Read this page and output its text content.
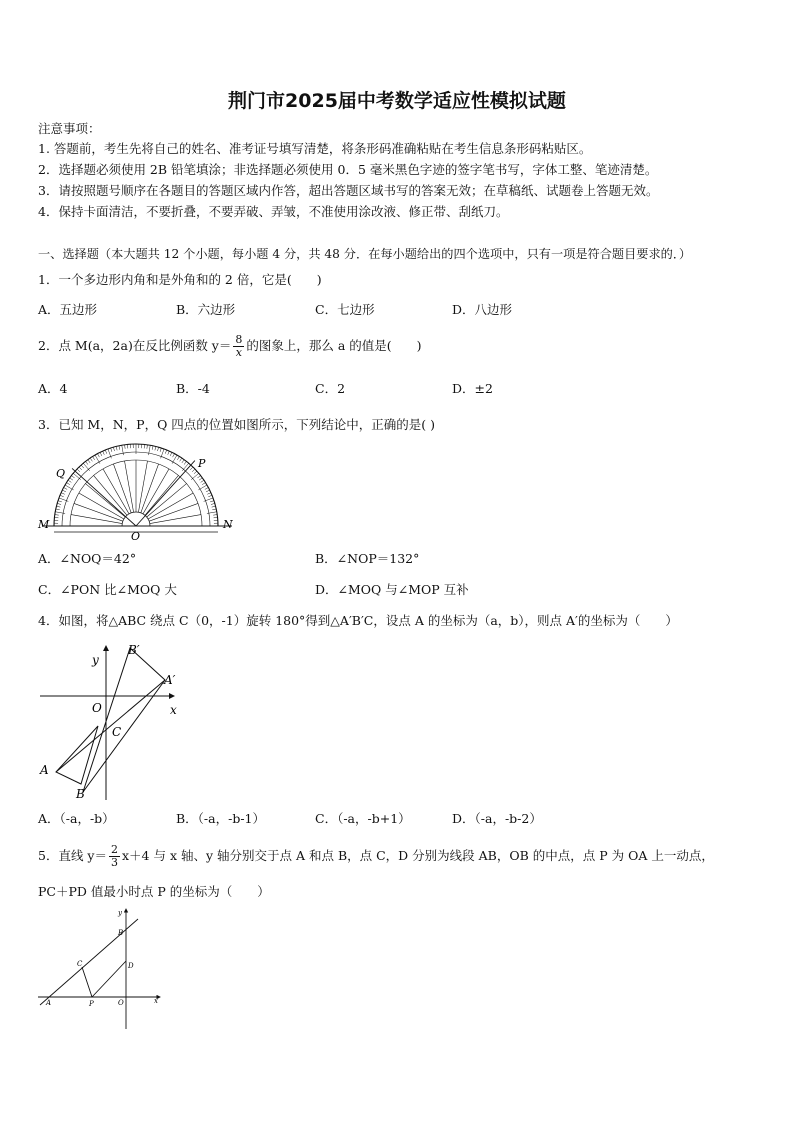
荆门市2025届中考数学适应性模拟试题
注意事项：
1. 答题前，考生先将自己的姓名、准考证号填写清楚，将条形码准确粘贴在考生信息条形码粘贴区。
2．选择题必须使用 2B 铅笔填涂；非选择题必须使用 0．5 毫米黑色字迹的签字笔书写，字体工整、笔迹清楚。
3．请按照题号顺序在各题目的答题区域内作答，超出答题区域书写的答案无效；在草稿纸、试题卷上答题无效。
4．保持卡面清洁，不要折叠，不要弄破、弄皱，不准使用涂改液、修正带、刮纸刀。
一、选择题（本大题共 12 个小题，每小题 4 分，共 48 分．在每小题给出的四个选项中，只有一项是符合题目要求的．）
1．一个多边形内角和是外角和的 2 倍，它是(　　)
A．五边形	B．六边形	C．七边形	D．八边形
2．点 M(a，2a)在反比例函数 $y= \frac{8}{x}$ 的图象上，那么 a 的值是(　　)
A．4	B．-4	C．2	D．±2
3．已知 M，N，P，Q 四点的位置如图所示，下列结论中，正确的是( )
Q
P
M	N
O
A．∠NOQ＝42°	B．∠NOP＝132°
C．∠PON 比∠MOQ 大	D．∠MOQ 与∠MOP 互补
4．如图，将△ABC 绕点 C（0，-1）旋转 180°得到△A′B′C，设点 A 的坐标为（a，b），则点 A′的坐标为（　　）
y
x
O
C
A
B
A′
B′
A．（-a，-b）	B．（-a，-b-1）	C．（-a，-b+1）	D．（-a，-b-2）
5．直线 $y= \frac{2}{3} x+4$ 与 x 轴、y 轴分别交于点 A 和点 B，点 C，D 分别为线段 AB，OB 的中点，点 P 为 OA 上一动点，
PC＋PD 值最小时点 P 的坐标为（　　）
y
x
O
A
B
C	D
P
